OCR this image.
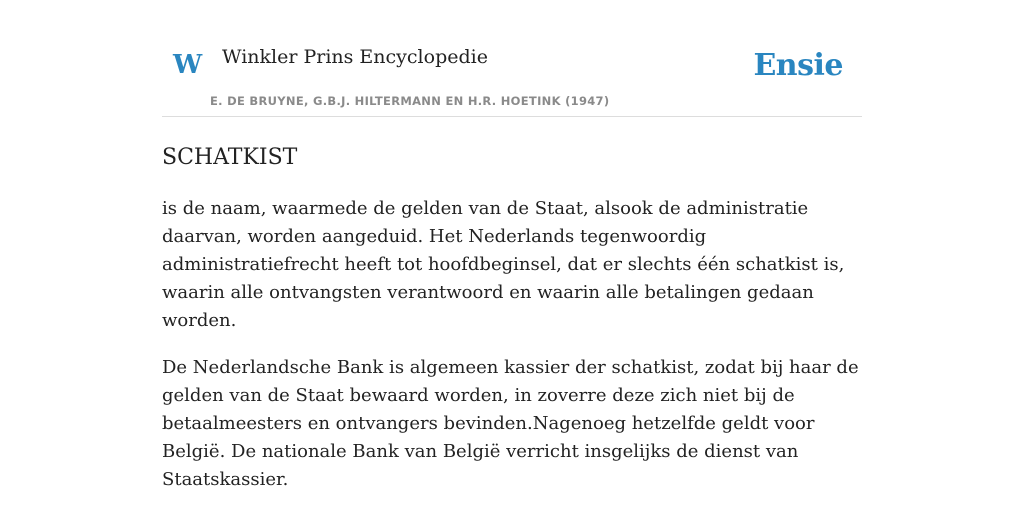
W Winkler Prins Encyclopedie
E. DE BRUYNE, G.B.J. HILTERMANN EN H.R. HOETINK (1947)
Ensie
SCHATKIST

is de naam, waarmede de gelden van de Staat, alsook de administratie daarvan, worden aangeduid. Het Nederlands tegenwoordig administratiefrecht heeft tot hoofdbeginsel, dat er slechts één schatkist is, waarin alle ontvangsten verantwoord en waarin alle betalingen gedaan worden.

De Nederlandsche Bank is algemeen kassier der schatkist, zodat bij haar de gelden van de Staat bewaard worden, in zoverre deze zich niet bij de betaalmeesters en ontvangers bevinden.Nagenoeg hetzelfde geldt voor België. De nationale Bank van België verricht insgelijks de dienst van Staatskassier.
